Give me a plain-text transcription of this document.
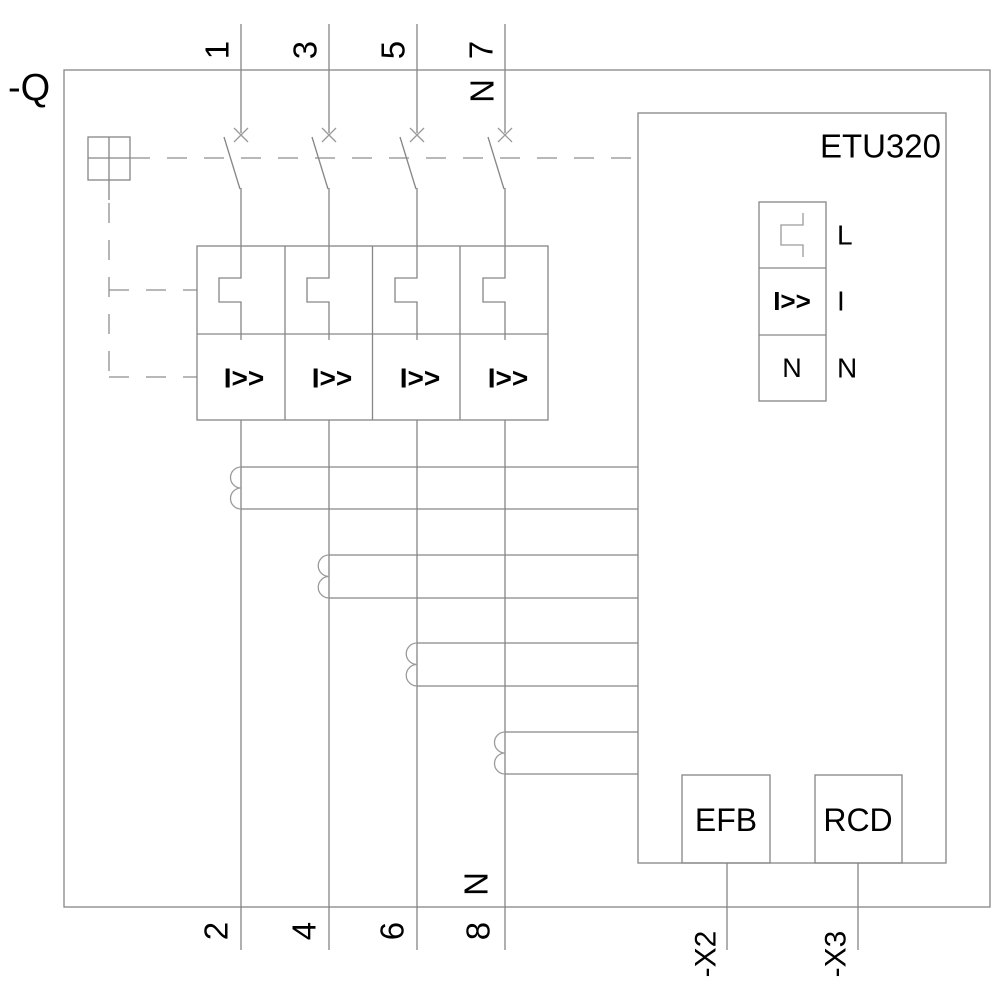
-Q
I>> I>> I>> I>>
1 3 5 7
N
2 4 6 8
N
ETU320
I>>
N
L
I
N
EFB RCD
-X2	-X3
